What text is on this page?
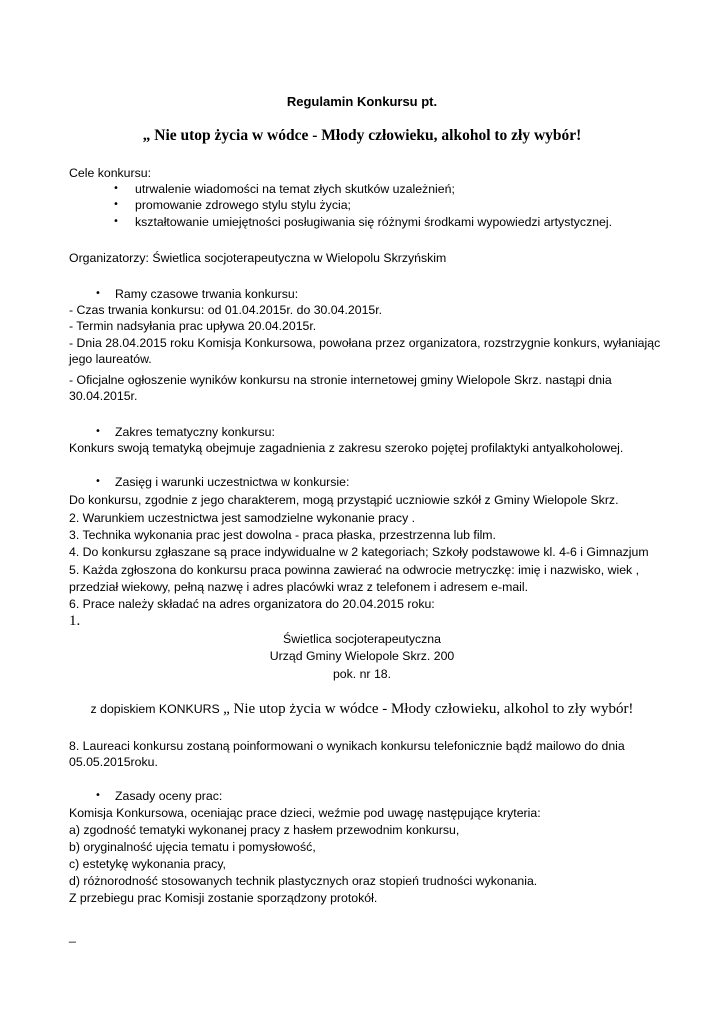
Regulamin Konkursu pt.
„ Nie utop życia w wódce - Młody człowieku, alkohol to zły wybór!
Cele konkursu:
• utrwalenie wiadomości na temat złych skutków uzależnień;
• promowanie zdrowego stylu stylu życia;
• kształtowanie umiejętności posługiwania się różnymi środkami wypowiedzi artystycznej.
Organizatorzy: Świetlica socjoterapeutyczna w Wielopolu Skrzyńskim
• Ramy czasowe trwania konkursu:
- Czas trwania konkursu: od 01.04.2015r. do 30.04.2015r.
- Termin nadsyłania prac upływa 20.04.2015r.
- Dnia 28.04.2015 roku Komisja Konkursowa, powołana przez organizatora, rozstrzygnie konkurs, wyłaniając
jego laureatów.
- Oficjalne ogłoszenie wyników konkursu na stronie internetowej gminy Wielopole Skrz. nastąpi dnia
30.04.2015r.
• Zakres tematyczny konkursu:
Konkurs swoją tematyką obejmuje zagadnienia z zakresu szeroko pojętej profilaktyki antyalkoholowej.
• Zasięg i warunki uczestnictwa w konkursie:
Do konkursu, zgodnie z jego charakterem, mogą przystąpić uczniowie szkół z Gminy Wielopole Skrz.
2. Warunkiem uczestnictwa jest samodzielne wykonanie pracy .
3. Technika wykonania prac jest dowolna - praca płaska, przestrzenna lub film.
4. Do konkursu zgłaszane są prace indywidualne w 2 kategoriach; Szkoły podstawowe kl. 4-6 i Gimnazjum
5. Każda zgłoszona do konkursu praca powinna zawierać na odwrocie metryczkę: imię i nazwisko, wiek ,
przedział wiekowy, pełną nazwę i adres placówki wraz z telefonem i adresem e-mail.
6. Prace należy składać na adres organizatora do 20.04.2015 roku:
1.
Świetlica socjoterapeutyczna
Urząd Gminy Wielopole Skrz. 200
pok. nr 18.
z dopiskiem KONKURS „ Nie utop życia w wódce - Młody człowieku, alkohol to zły wybór!
8. Laureaci konkursu zostaną poinformowani o wynikach konkursu telefonicznie bądź mailowo do dnia
05.05.2015roku.
• Zasady oceny prac:
Komisja Konkursowa, oceniając prace dzieci, weźmie pod uwagę następujące kryteria:
a) zgodność tematyki wykonanej pracy z hasłem przewodnim konkursu,
b) oryginalność ujęcia tematu i pomysłowość,
c) estetykę wykonania pracy,
d) różnorodność stosowanych technik plastycznych oraz stopień trudności wykonania.
Z przebiegu prac Komisji zostanie sporządzony protokół.
_
